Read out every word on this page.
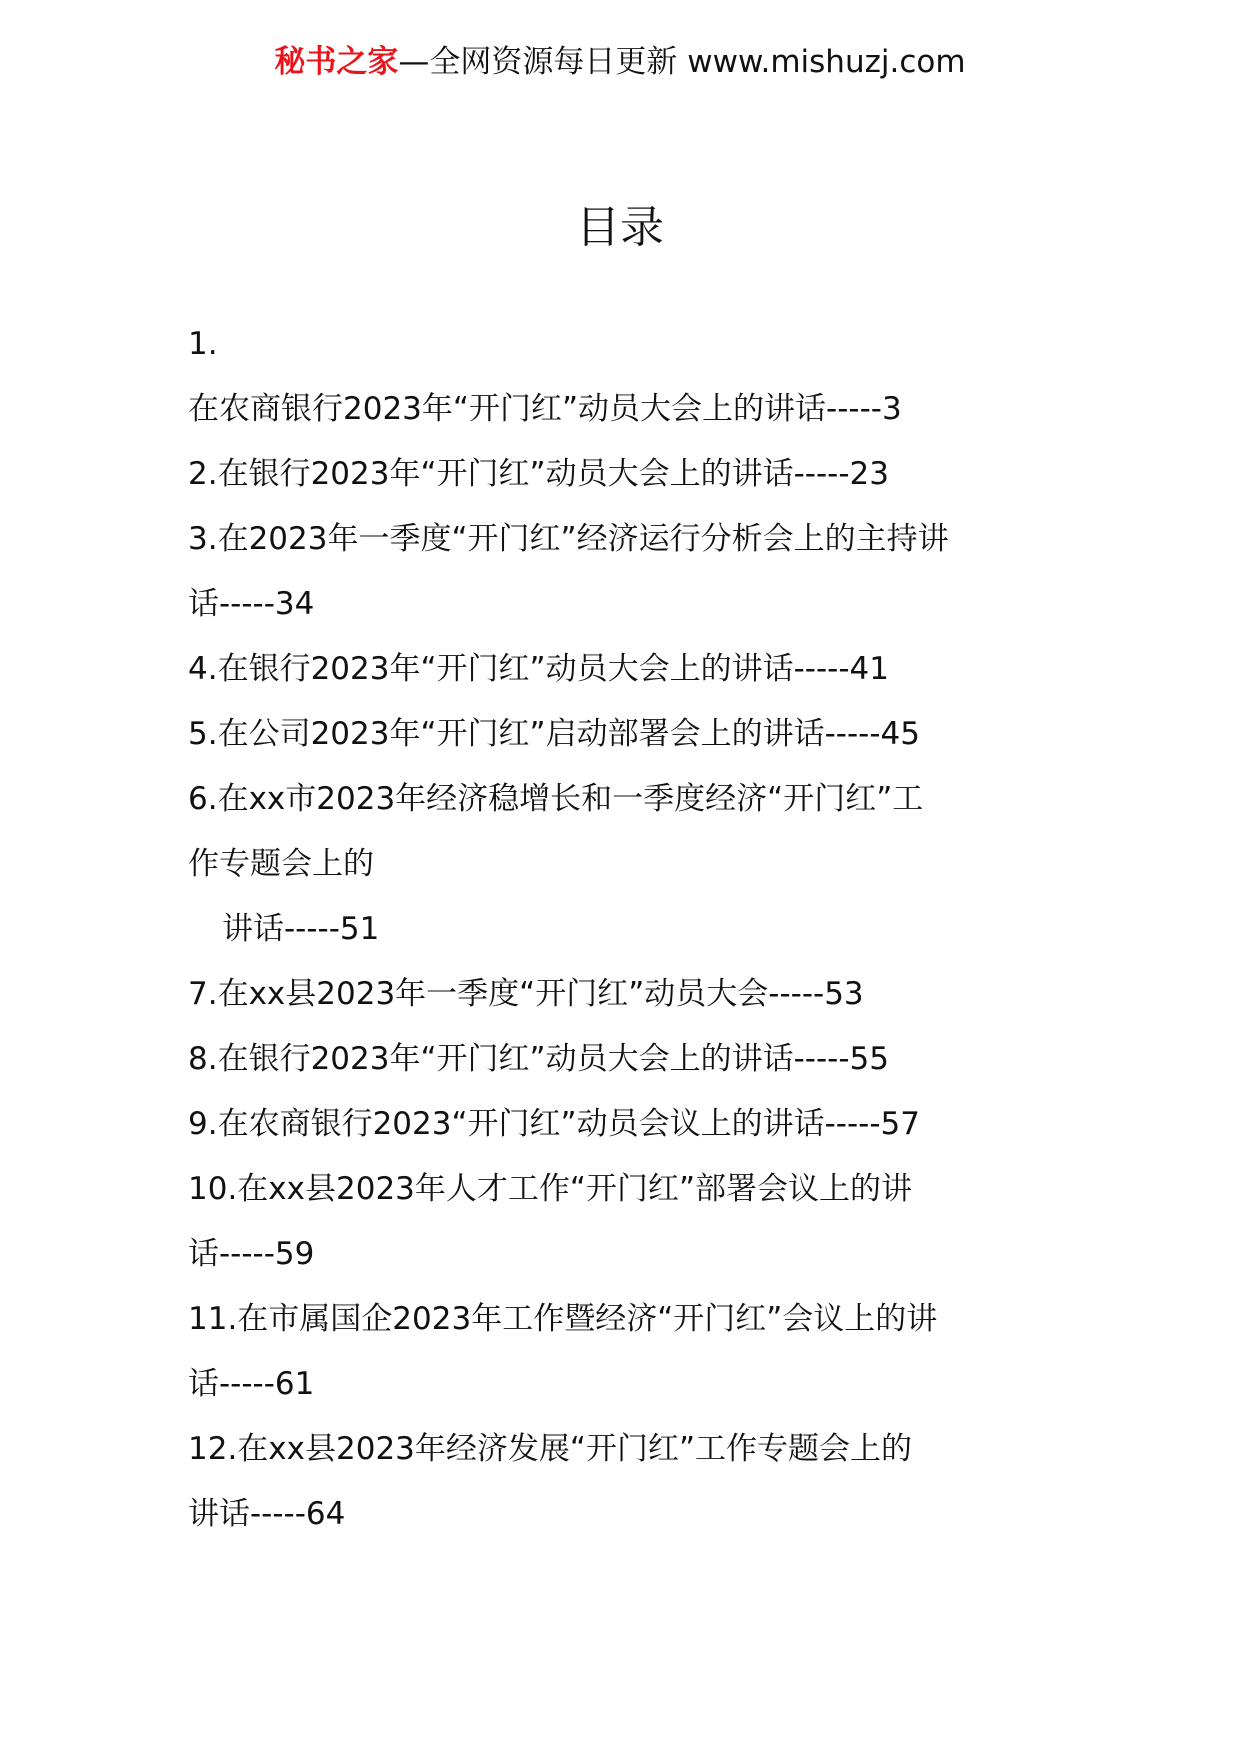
秘书之家—全网资源每日更新 www.mishuzj.com
目录
1.
在农商银行2023年“开门红”动员大会上的讲话-----3
2.在银行2023年“开门红”动员大会上的讲话-----23
3.在2023年一季度“开门红”经济运行分析会上的主持讲
话-----34
4.在银行2023年“开门红”动员大会上的讲话-----41
5.在公司2023年“开门红”启动部署会上的讲话-----45
6.在xx市2023年经济稳增长和一季度经济“开门红”工
作专题会上的
讲话-----51
7.在xx县2023年一季度“开门红”动员大会-----53
8.在银行2023年“开门红”动员大会上的讲话-----55
9.在农商银行2023“开门红”动员会议上的讲话-----57
10.在xx县2023年人才工作“开门红”部署会议上的讲
话-----59
11.在市属国企2023年工作暨经济“开门红”会议上的讲
话-----61
12.在xx县2023年经济发展“开门红”工作专题会上的
讲话-----64
